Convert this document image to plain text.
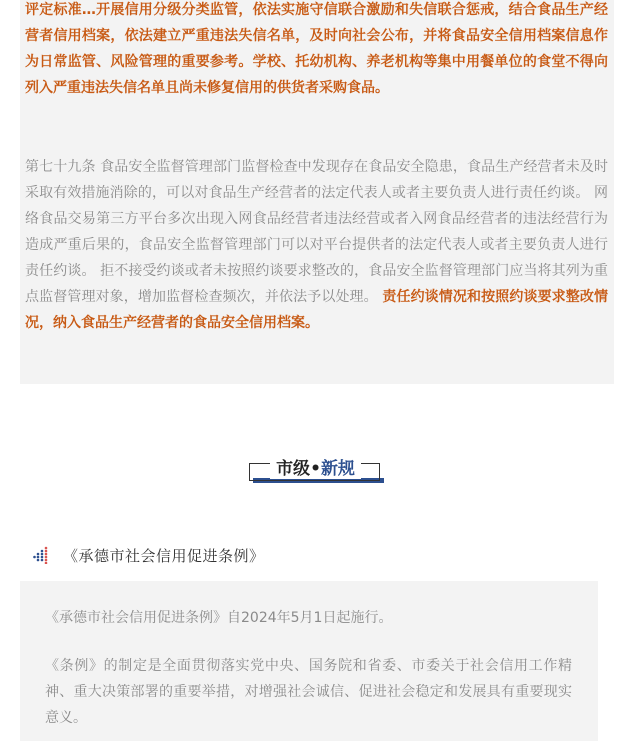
评定标准…开展信用分级分类监管，依法实施守信联合激励和失信联合惩戒，结合食品生产经营者信用档案，依法建立严重违法失信名单，及时向社会公布，并将食品安全信用档案信息作为日常监管、风险管理的重要参考。学校、托幼机构、养老机构等集中用餐单位的食堂不得向列入严重违法失信名单且尚未修复信用的供货者采购食品。

第七十九条 食品安全监督管理部门监督检查中发现存在食品安全隐患，食品生产经营者未及时采取有效措施消除的，可以对食品生产经营者的法定代表人或者主要负责人进行责任约谈。 网络食品交易第三方平台多次出现入网食品经营者违法经营或者入网食品经营者的违法经营行为造成严重后果的，食品安全监督管理部门可以对平台提供者的法定代表人或者主要负责人进行责任约谈。 拒不接受约谈或者未按照约谈要求整改的，食品安全监督管理部门应当将其列为重点监督管理对象，增加监督检查频次，并依法予以处理。 责任约谈情况和按照约谈要求整改情况，纳入食品生产经营者的食品安全信用档案。

市级•新规
《承德市社会信用促进条例》

《承德市社会信用促进条例》自2024年5月1日起施行。

《条例》的制定是全面贯彻落实党中央、国务院和省委、市委关于社会信用工作精神、重大决策部署的重要举措，对增强社会诚信、促进社会稳定和发展具有重要现实意义。
